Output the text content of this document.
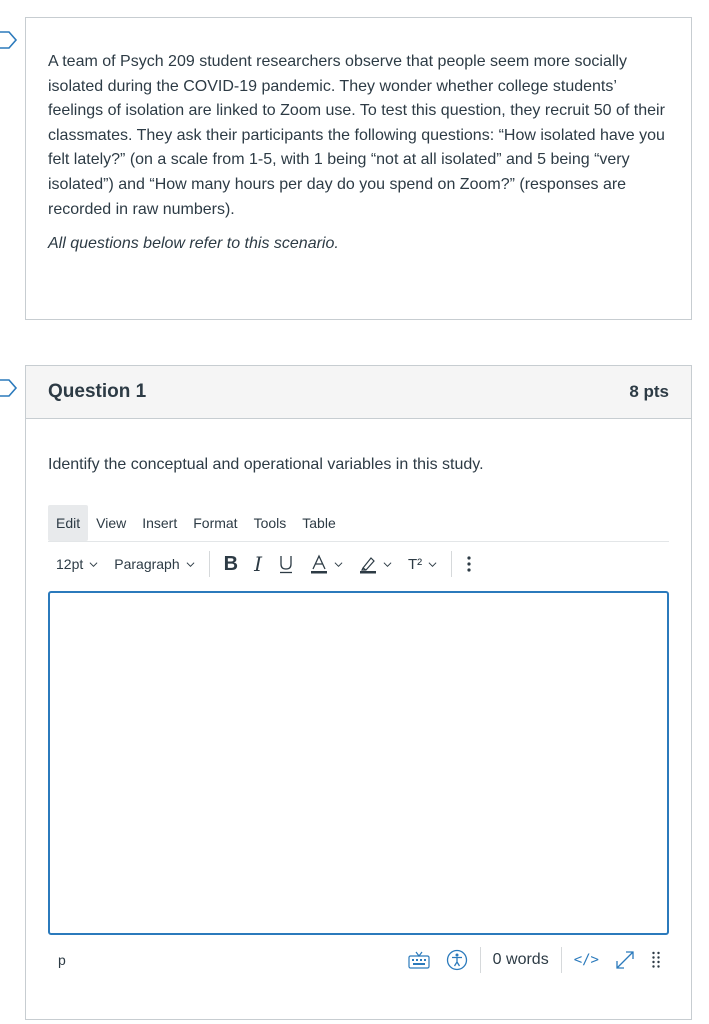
A team of Psych 209 student researchers observe that people seem more socially isolated during the COVID-19 pandemic. They wonder whether college students’ feelings of isolation are linked to Zoom use. To test this question, they recruit 50 of their classmates. They ask their participants the following questions: “How isolated have you felt lately?” (on a scale from 1-5, with 1 being “not at all isolated” and 5 being “very isolated”) and “How many hours per day do you spend on Zoom?” (responses are recorded in raw numbers).

All questions below refer to this scenario.

Question 1	8 pts
Identify the conceptual and operational variables in this study.
Edit	View	Insert	Format	Tools	Table
12pt Paragraph	B I	T²
p	0 words	</>
